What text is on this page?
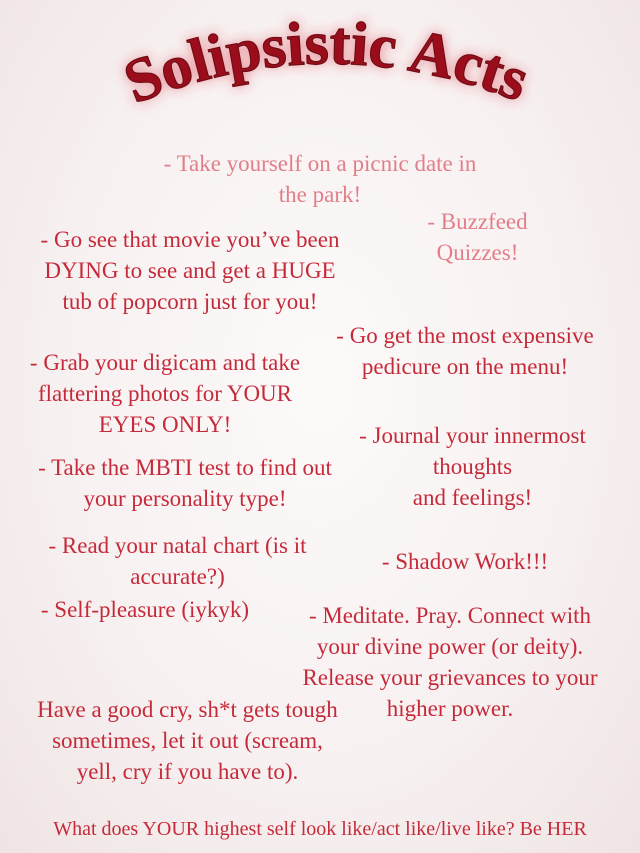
Solipsistic Acts

- Take yourself on a picnic date in
the park!

- Buzzfeed
Quizzes!

- Go see that movie you’ve been
DYING to see and get a HUGE
tub of popcorn just for you!

- Go get the most expensive
pedicure on the menu!

- Grab your digicam and take
flattering photos for YOUR
EYES ONLY!	- Journal your innermost
thoughts
and feelings!

- Take the MBTI test to find out
your personality type!

- Read your natal chart (is it
accurate?)

- Shadow Work!!!

- Self-pleasure (iykyk)	- Meditate. Pray. Connect with
your divine power (or deity).
Release your grievances to your
higher power.

Have a good cry, sh*t gets tough
sometimes, let it out (scream,
yell, cry if you have to).

What does YOUR highest self look like/act like/live like? Be HER
